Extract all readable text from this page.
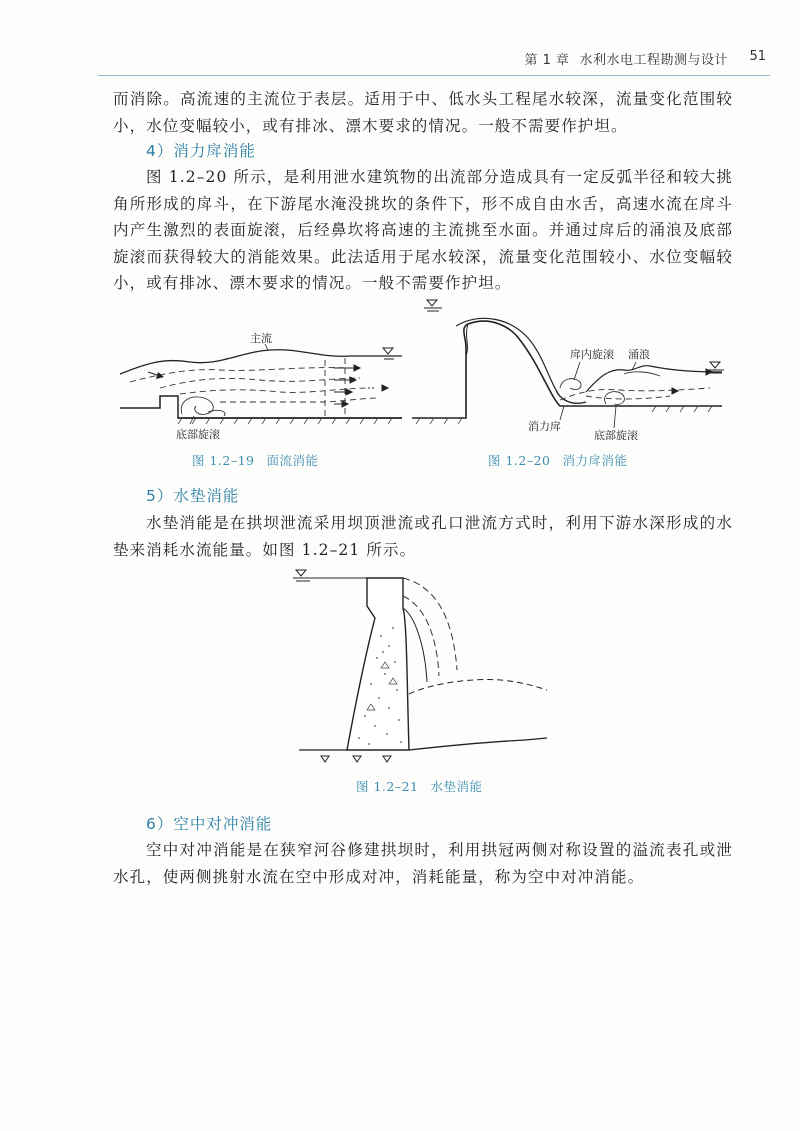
第 1 章 水利水电工程勘测与设计 51
而消除。高流速的主流位于表层。适用于中、低水头工程尾水较深，流量变化范围较小，水位变幅较小，或有排冰、漂木要求的情况。一般不需要作护坦。
4）消力戽消能
图 1.2–20 所示，是利用泄水建筑物的出流部分造成具有一定反弧半径和较大挑角所形成的戽斗，在下游尾水淹没挑坎的条件下，形不成自由水舌，高速水流在戽斗内产生激烈的表面旋滚，后经鼻坎将高速的主流挑至水面。并通过戽后的涌浪及底部旋滚而获得较大的消能效果。此法适用于尾水较深，流量变化范围较小、水位变幅较小，或有排冰、漂木要求的情况。一般不需要作护坦。
主流
底部旋滚
图 1.2–19 面流消能
戽内旋滚 涌浪
消力戽
底部旋滚
图 1.2–20 消力戽消能
5）水垫消能
水垫消能是在拱坝泄流采用坝顶泄流或孔口泄流方式时，利用下游水深形成的水垫来消耗水流能量。如图 1.2–21 所示。
图 1.2–21 水垫消能
6）空中对冲消能
空中对冲消能是在狭窄河谷修建拱坝时，利用拱冠两侧对称设置的溢流表孔或泄水孔，使两侧挑射水流在空中形成对冲，消耗能量，称为空中对冲消能。
